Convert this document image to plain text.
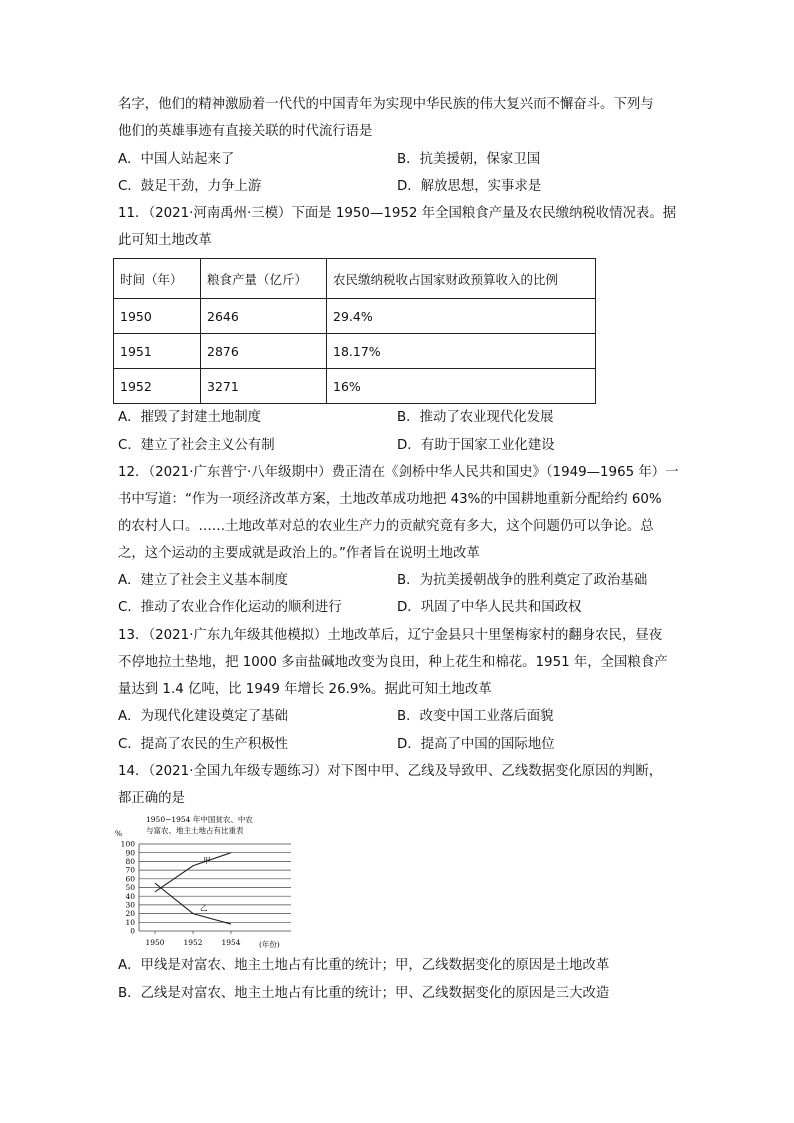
名字，他们的精神激励着一代代的中国青年为实现中华民族的伟大复兴而不懈奋斗。下列与
他们的英雄事迹有直接关联的时代流行语是
A．中国人站起来了	B．抗美援朝，保家卫国
C．鼓足干劲，力争上游	D．解放思想，实事求是
11．（2021·河南禹州·三模）下面是 1950—1952 年全国粮食产量及农民缴纳税收情况表。据
此可知土地改革
时间（年）	粮食产量（亿斤）	农民缴纳税收占国家财政预算收入的比例
1950	2646	29.4%
1951	2876	18.17%
1952	3271	16%
A．摧毁了封建土地制度	B．推动了农业现代化发展
C．建立了社会主义公有制	D．有助于国家工业化建设
12．（2021·广东普宁·八年级期中）费正清在《剑桥中华人民共和国史》（1949—1965 年）一
书中写道：“作为一项经济改革方案，土地改革成功地把 43%的中国耕地重新分配给约 60%
的农村人口。……土地改革对总的农业生产力的贡献究竟有多大，这个问题仍可以争论。总
之，这个运动的主要成就是政治上的。”作者旨在说明土地改革
A．建立了社会主义基本制度	B．为抗美援朝战争的胜利奠定了政治基础
C．推动了农业合作化运动的顺利进行	D．巩固了中华人民共和国政权
13．（2021·广东九年级其他模拟）土地改革后，辽宁金县只十里堡梅家村的翻身农民，昼夜
不停地拉土垫地，把 1000 多亩盐碱地改变为良田，种上花生和棉花。1951 年，全国粮食产
量达到 1.4 亿吨，比 1949 年增长 26.9%。据此可知土地改革
A．为现代化建设奠定了基础	B．改变中国工业落后面貌
C．提高了农民的生产积极性	D．提高了中国的国际地位
14．（2021·全国九年级专题练习）对下图中甲、乙线及导致甲、乙线数据变化原因的判断，
都正确的是
1950~1954 年中国贫农、中农
与富农、地主土地占有比重表
%
100
90
80
70
60
50
40
30
20
10
0
1950	1952	1954 (年份)
甲
乙
A．甲线是对富农、地主土地占有比重的统计；甲，乙线数据变化的原因是土地改革
B．乙线是对富农、地主土地占有比重的统计；甲、乙线数据变化的原因是三大改造
